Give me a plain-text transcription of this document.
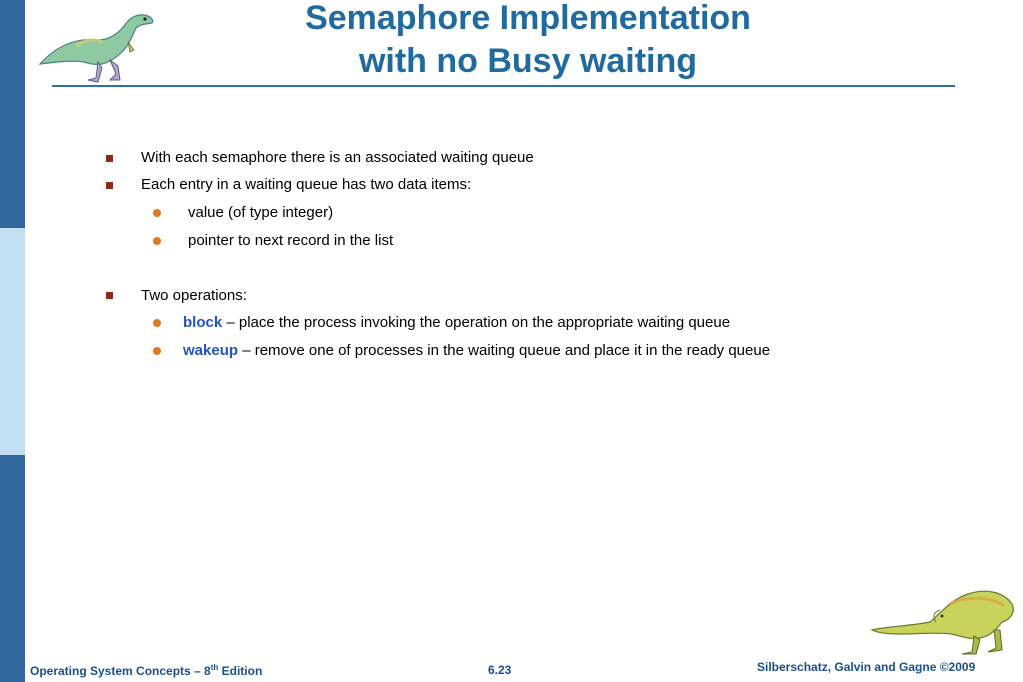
Semaphore Implementation
with no Busy waiting
With each semaphore there is an associated waiting queue
Each entry in a waiting queue has two data items:
value (of type integer)
pointer to next record in the list
Two operations:
block – place the process invoking the operation on the appropriate waiting queue
wakeup – remove one of processes in the waiting queue and place it in the ready queue
Operating System Concepts – 8th Edition	6.23	Silberschatz, Galvin and Gagne ©2009
